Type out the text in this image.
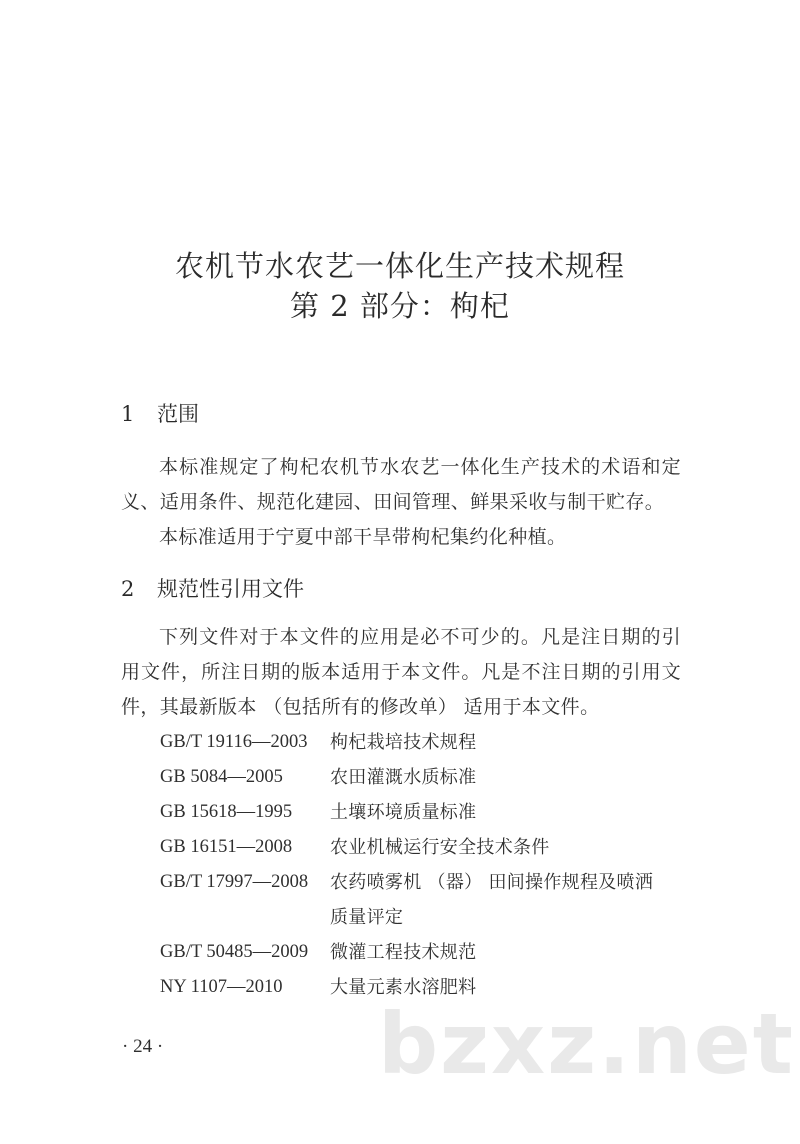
农机节水农艺一体化生产技术规程
第 2 部分：枸杞
1 范围
本标准规定了枸杞农机节水农艺一体化生产技术的术语和定义、适用条件、规范化建园、田间管理、鲜果采收与制干贮存。
本标准适用于宁夏中部干旱带枸杞集约化种植。
2 规范性引用文件
下列文件对于本文件的应用是必不可少的。凡是注日期的引用文件，所注日期的版本适用于本文件。凡是不注日期的引用文件，其最新版本 （包括所有的修改单） 适用于本文件。
GB/T 19116—2003 枸杞栽培技术规程
GB 5084—2005	农田灌溉水质标准
GB 15618—1995 土壤环境质量标准
GB 16151—2008 农业机械运行安全技术条件
GB/T 17997—2008 农药喷雾机 （器） 田间操作规程及喷洒质量评定
GB/T 50485—2009 微灌工程技术规范
NY 1107—2010	大量元素水溶肥料
· 24 ·	bzxz.net
